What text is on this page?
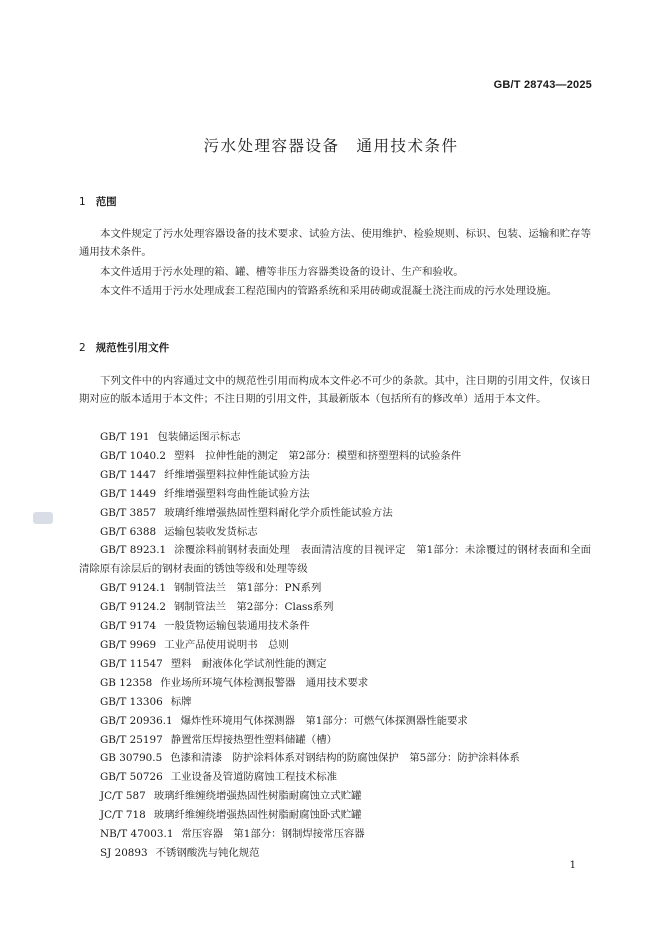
GB/T 28743—2025
污水处理容器设备　通用技术条件
1 范围

本文件规定了污水处理容器设备的技术要求、试验方法、使用维护、检验规则、标识、包装、运输和贮存等通用技术条件。

本文件适用于污水处理的箱、罐、槽等非压力容器类设备的设计、生产和验收。

本文件不适用于污水处理成套工程范围内的管路系统和采用砖砌或混凝土浇注而成的污水处理设施。

2 规范性引用文件

下列文件中的内容通过文中的规范性引用而构成本文件必不可少的条款。其中，注日期的引用文件，仅该日期对应的版本适用于本文件；不注日期的引用文件，其最新版本（包括所有的修改单）适用于本文件。

GB/T 191 包装储运图示标志
GB/T 1040.2 塑料　拉伸性能的测定　第2部分：模塑和挤塑塑料的试验条件
GB/T 1447 纤维增强塑料拉伸性能试验方法
GB/T 1449 纤维增强塑料弯曲性能试验方法
GB/T 3857 玻璃纤维增强热固性塑料耐化学介质性能试验方法
GB/T 6388 运输包装收发货标志
GB/T 8923.1 涂覆涂料前钢材表面处理　表面清洁度的目视评定　第1部分：未涂覆过的钢材表面和全面清除原有涂层后的钢材表面的锈蚀等级和处理等级
GB/T 9124.1 钢制管法兰　第1部分：PN系列
GB/T 9124.2 钢制管法兰　第2部分：Class系列
GB/T 9174 一般货物运输包装通用技术条件
GB/T 9969 工业产品使用说明书　总则
GB/T 11547 塑料　耐液体化学试剂性能的测定
GB 12358 作业场所环境气体检测报警器　通用技术要求
GB/T 13306 标牌
GB/T 20936.1 爆炸性环境用气体探测器　第1部分：可燃气体探测器性能要求
GB/T 25197 静置常压焊接热塑性塑料储罐（槽）
GB 30790.5 色漆和清漆　防护涂料体系对钢结构的防腐蚀保护　第5部分：防护涂料体系
GB/T 50726 工业设备及管道防腐蚀工程技术标准
JC/T 587 玻璃纤维缠绕增强热固性树脂耐腐蚀立式贮罐
JC/T 718 玻璃纤维缠绕增强热固性树脂耐腐蚀卧式贮罐
NB/T 47003.1 常压容器　第1部分：钢制焊接常压容器
SJ 20893 不锈钢酸洗与钝化规范
1
